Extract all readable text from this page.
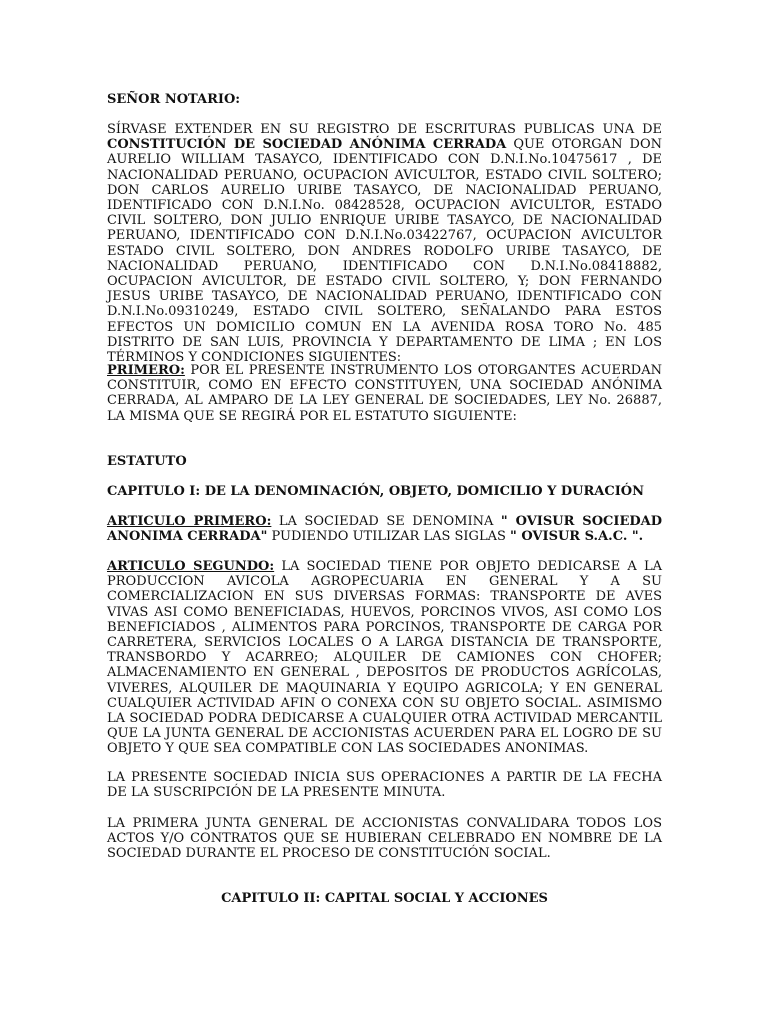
SEÑOR NOTARIO:

SÍRVASE EXTENDER EN SU REGISTRO DE ESCRITURAS PUBLICAS UNA DE CONSTITUCIÓN DE SOCIEDAD ANÓNIMA CERRADA QUE OTORGAN DON AURELIO WILLIAM TASAYCO, IDENTIFICADO CON D.N.I.No.10475617 , DE NACIONALIDAD PERUANO, OCUPACION AVICULTOR, ESTADO CIVIL SOLTERO; DON CARLOS AURELIO URIBE TASAYCO, DE NACIONALIDAD PERUANO, IDENTIFICADO CON D.N.I.No. 08428528, OCUPACION AVICULTOR, ESTADO CIVIL SOLTERO, DON JULIO ENRIQUE URIBE TASAYCO, DE NACIONALIDAD PERUANO, IDENTIFICADO CON D.N.I.No.03422767, OCUPACION AVICULTOR ESTADO CIVIL SOLTERO, DON ANDRES RODOLFO URIBE TASAYCO, DE NACIONALIDAD PERUANO, IDENTIFICADO CON D.N.I.No.08418882, OCUPACION AVICULTOR, DE ESTADO CIVIL SOLTERO, Y; DON FERNANDO JESUS URIBE TASAYCO, DE NACIONALIDAD PERUANO, IDENTIFICADO CON D.N.I.No.09310249, ESTADO CIVIL SOLTERO, SEÑALANDO PARA ESTOS EFECTOS UN DOMICILIO COMUN EN LA AVENIDA ROSA TORO No. 485 DISTRITO DE SAN LUIS, PROVINCIA Y DEPARTAMENTO DE LIMA ; EN LOS TÉRMINOS Y CONDICIONES SIGUIENTES:

PRIMERO: POR EL PRESENTE INSTRUMENTO LOS OTORGANTES ACUERDAN CONSTITUIR, COMO EN EFECTO CONSTITUYEN, UNA SOCIEDAD ANÓNIMA CERRADA, AL AMPARO DE LA LEY GENERAL DE SOCIEDADES, LEY No. 26887, LA MISMA QUE SE REGIRÁ POR EL ESTATUTO SIGUIENTE:

ESTATUTO

CAPITULO I: DE LA DENOMINACIÓN, OBJETO, DOMICILIO Y DURACIÓN

ARTICULO PRIMERO: LA SOCIEDAD SE DENOMINA " OVISUR SOCIEDAD ANONIMA CERRADA" PUDIENDO UTILIZAR LAS SIGLAS " OVISUR S.A.C. ".

ARTICULO SEGUNDO: LA SOCIEDAD TIENE POR OBJETO DEDICARSE A LA PRODUCCION AVICOLA AGROPECUARIA EN GENERAL Y A SU COMERCIALIZACION EN SUS DIVERSAS FORMAS: TRANSPORTE DE AVES VIVAS ASI COMO BENEFICIADAS, HUEVOS, PORCINOS VIVOS, ASI COMO LOS BENEFICIADOS , ALIMENTOS PARA PORCINOS, TRANSPORTE DE CARGA POR CARRETERA, SERVICIOS LOCALES O A LARGA DISTANCIA DE TRANSPORTE, TRANSBORDO Y ACARREO; ALQUILER DE CAMIONES CON CHOFER; ALMACENAMIENTO EN GENERAL , DEPOSITOS DE PRODUCTOS AGRÍCOLAS, VIVERES, ALQUILER DE MAQUINARIA Y EQUIPO AGRICOLA; Y EN GENERAL CUALQUIER ACTIVIDAD AFIN O CONEXA CON SU OBJETO SOCIAL. ASIMISMO LA SOCIEDAD PODRA DEDICARSE A CUALQUIER OTRA ACTIVIDAD MERCANTIL QUE LA JUNTA GENERAL DE ACCIONISTAS ACUERDEN PARA EL LOGRO DE SU OBJETO Y QUE SEA COMPATIBLE CON LAS SOCIEDADES ANONIMAS.

LA PRESENTE SOCIEDAD INICIA SUS OPERACIONES A PARTIR DE LA FECHA DE LA SUSCRIPCIÓN DE LA PRESENTE MINUTA.

LA PRIMERA JUNTA GENERAL DE ACCIONISTAS CONVALIDARA TODOS LOS ACTOS Y/O CONTRATOS QUE SE HUBIERAN CELEBRADO EN NOMBRE DE LA SOCIEDAD DURANTE EL PROCESO DE CONSTITUCIÓN SOCIAL.

CAPITULO II: CAPITAL SOCIAL Y ACCIONES
